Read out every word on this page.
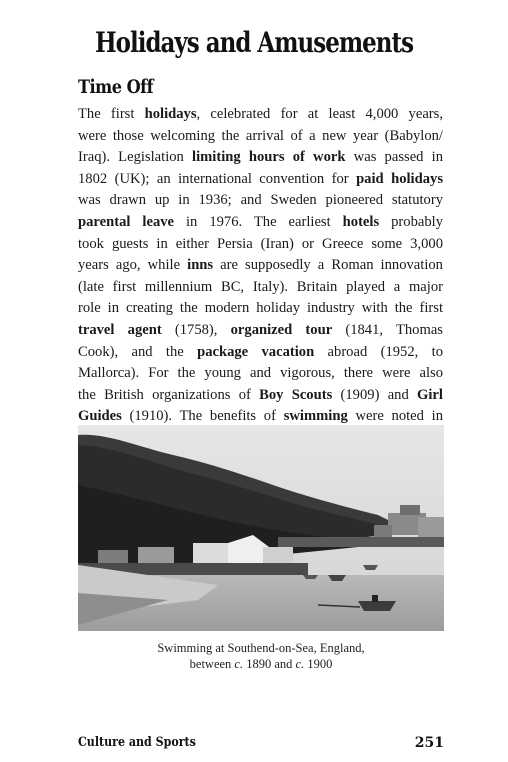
Holidays and Amusements
Time Off
The first holidays, celebrated for at least 4,000 years,
were those welcoming the arrival of a new year (Babylon/
Iraq). Legislation limiting hours of work was passed in
1802 (UK); an international convention for paid holidays
was drawn up in 1936; and Sweden pioneered statutory
parental leave in 1976. The earliest hotels probably
took guests in either Persia (Iran) or Greece some 3,000
years ago, while inns are supposedly a Roman innovation
(late first millennium BC, Italy). Britain played a major
role in creating the modern holiday industry with the first
travel agent (1758), organized tour (1841, Thomas
Cook), and the package vacation abroad (1952, to
Mallorca). For the young and vigorous, there were also
the British organizations of Boy Scouts (1909) and Girl
Guides (1910). The benefits of swimming were noted in
Swimming at Southend-on-Sea, England,
between c. 1890 and c. 1900
Culture and Sports	251
